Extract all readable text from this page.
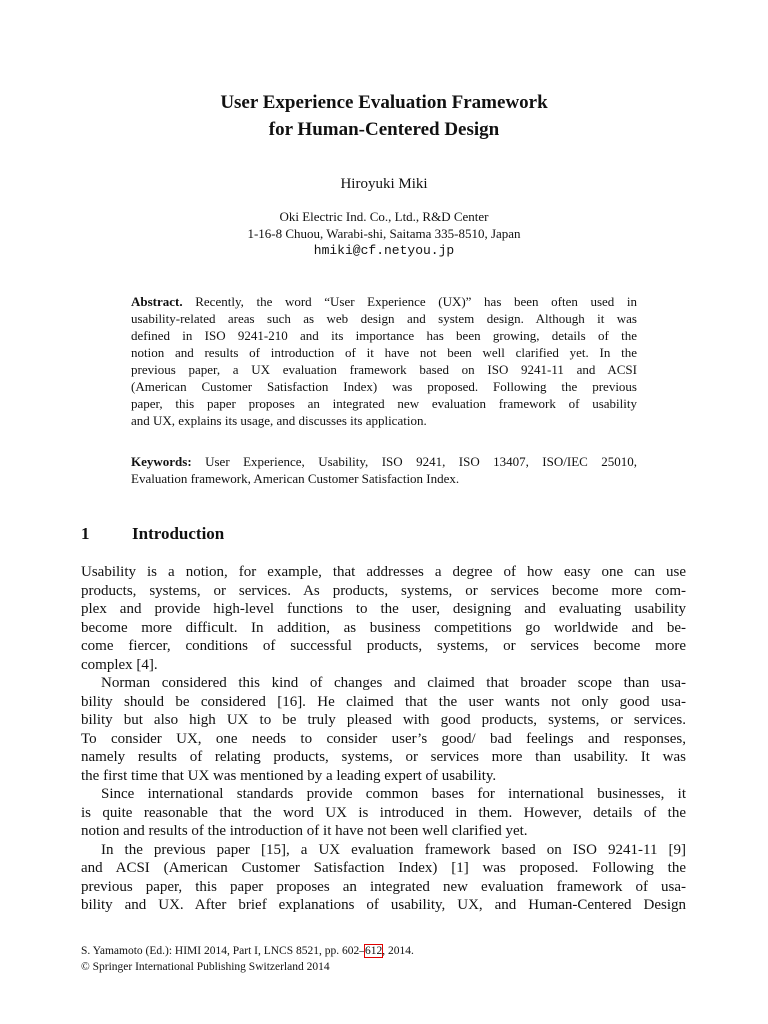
User Experience Evaluation Framework
for Human-Centered Design
Hiroyuki Miki
Oki Electric Ind. Co., Ltd., R&D Center
1-16-8 Chuou, Warabi-shi, Saitama 335-8510, Japan
hmiki@cf.netyou.jp
Abstract. Recently, the word “User Experience (UX)” has been often used in
usability-related areas such as web design and system design. Although it was
defined in ISO 9241-210 and its importance has been growing, details of the
notion and results of introduction of it have not been well clarified yet. In the
previous paper, a UX evaluation framework based on ISO 9241-11 and ACSI
(American Customer Satisfaction Index) was proposed. Following the previous
paper, this paper proposes an integrated new evaluation framework of usability
and UX, explains its usage, and discusses its application.
Keywords: User Experience, Usability, ISO 9241, ISO 13407, ISO/IEC 25010,
Evaluation framework, American Customer Satisfaction Index.
1	Introduction
Usability is a notion, for example, that addresses a degree of how easy one can use
products, systems, or services. As products, systems, or services become more com-
plex and provide high-level functions to the user, designing and evaluating usability
become more difficult. In addition, as business competitions go worldwide and be-
come fiercer, conditions of successful products, systems, or services become more
complex [4].
Norman considered this kind of changes and claimed that broader scope than usa-
bility should be considered [16]. He claimed that the user wants not only good usa-
bility but also high UX to be truly pleased with good products, systems, or services.
To consider UX, one needs to consider user’s good/ bad feelings and responses,
namely results of relating products, systems, or services more than usability. It was
the first time that UX was mentioned by a leading expert of usability.
Since international standards provide common bases for international businesses, it
is quite reasonable that the word UX is introduced in them. However, details of the
notion and results of the introduction of it have not been well clarified yet.
In the previous paper [15], a UX evaluation framework based on ISO 9241-11 [9]
and ACSI (American Customer Satisfaction Index) [1] was proposed. Following the
previous paper, this paper proposes an integrated new evaluation framework of usa-
bility and UX. After brief explanations of usability, UX, and Human-Centered Design
S. Yamamoto (Ed.): HIMI 2014, Part I, LNCS 8521, pp. 602–612, 2014.
© Springer International Publishing Switzerland 2014
